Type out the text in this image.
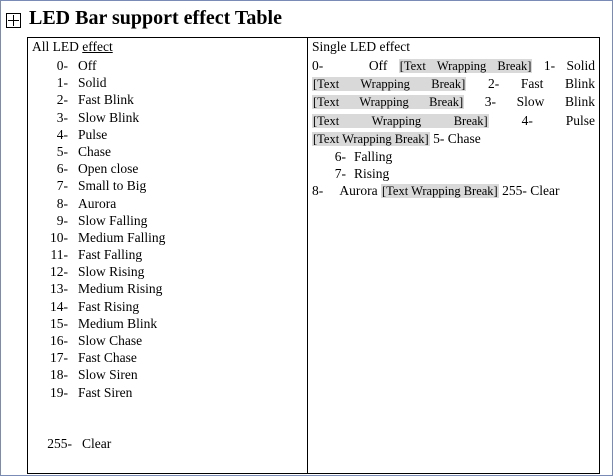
LED Bar support effect Table
All LED effect
0- Off
1- Solid
2- Fast Blink
3- Slow Blink
4- Pulse
5- Chase
6- Open close
7- Small to Big
8- Aurora
9- Slow Falling
10- Medium Falling
11- Fast Falling
12- Slow Rising
13- Medium Rising
14- Fast Rising
15- Medium Blink
16- Slow Chase
17- Fast Chase
18- Slow Siren
19- Fast Siren
255- Clear
Single LED effect
0-	Off [Text Wrapping Break] 1- Solid [Text Wrapping Break] 2- Fast Blink [Text Wrapping Break] 3- Slow Blink [Text Wrapping Break]	4- Pulse [Text Wrapping Break] 5- Chase
6- Falling
7- Rising
8- Aurora [Text Wrapping Break] 255- Clear
